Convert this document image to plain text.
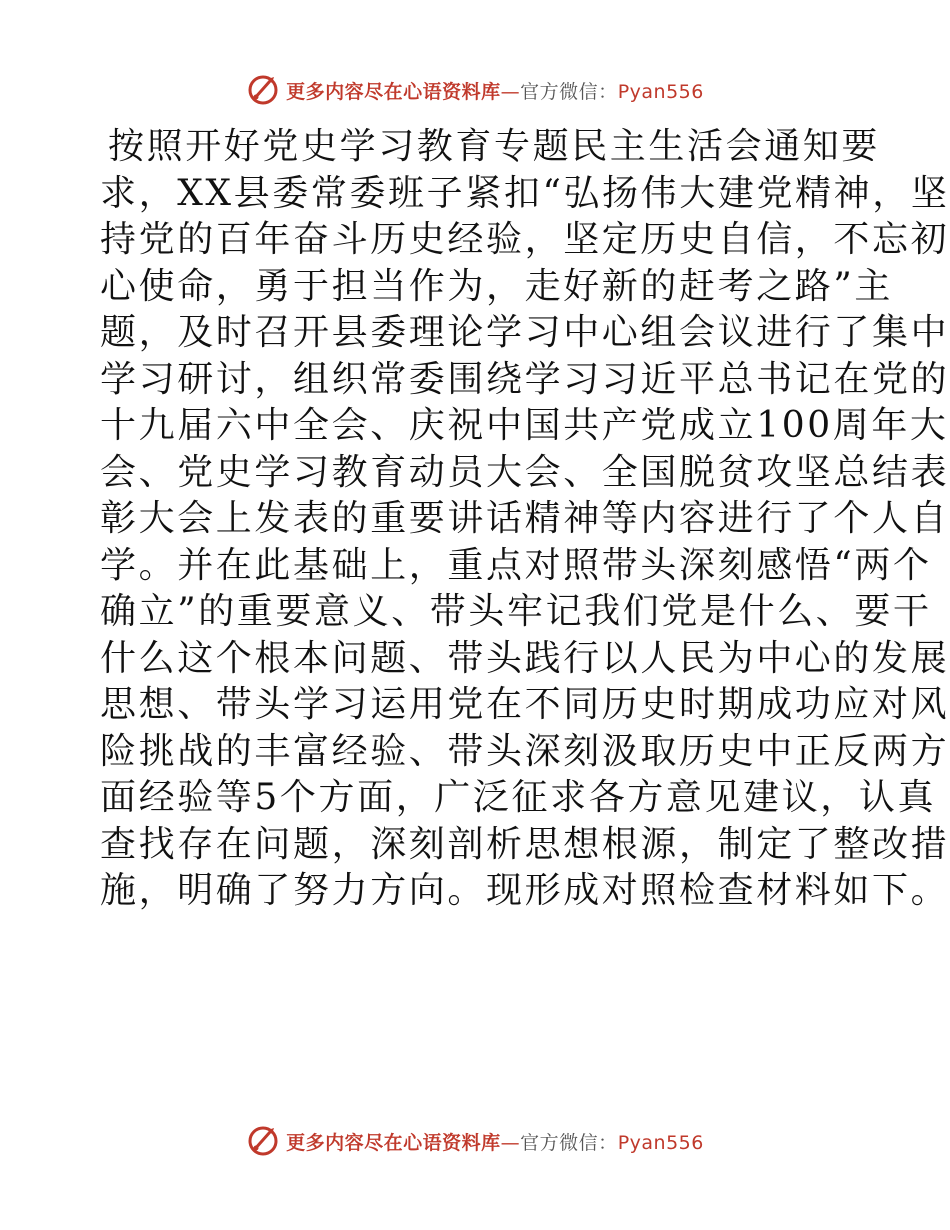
更多内容尽在心语资料库—官方微信：Pyan556
按照开好党史学习教育专题民主生活会通知要
求，XX县委常委班子紧扣“弘扬伟大建党精神，坚
持党的百年奋斗历史经验，坚定历史自信，不忘初
心使命，勇于担当作为，走好新的赶考之路”主
题，及时召开县委理论学习中心组会议进行了集中
学习研讨，组织常委围绕学习习近平总书记在党的
十九届六中全会、庆祝中国共产党成立100周年大
会、党史学习教育动员大会、全国脱贫攻坚总结表
彰大会上发表的重要讲话精神等内容进行了个人自
学。并在此基础上，重点对照带头深刻感悟“两个
确立”的重要意义、带头牢记我们党是什么、要干
什么这个根本问题、带头践行以人民为中心的发展
思想、带头学习运用党在不同历史时期成功应对风
险挑战的丰富经验、带头深刻汲取历史中正反两方
面经验等5个方面，广泛征求各方意见建议，认真
查找存在问题，深刻剖析思想根源，制定了整改措
施，明确了努力方向。现形成对照检查材料如下。
更多内容尽在心语资料库—官方微信：Pyan556
